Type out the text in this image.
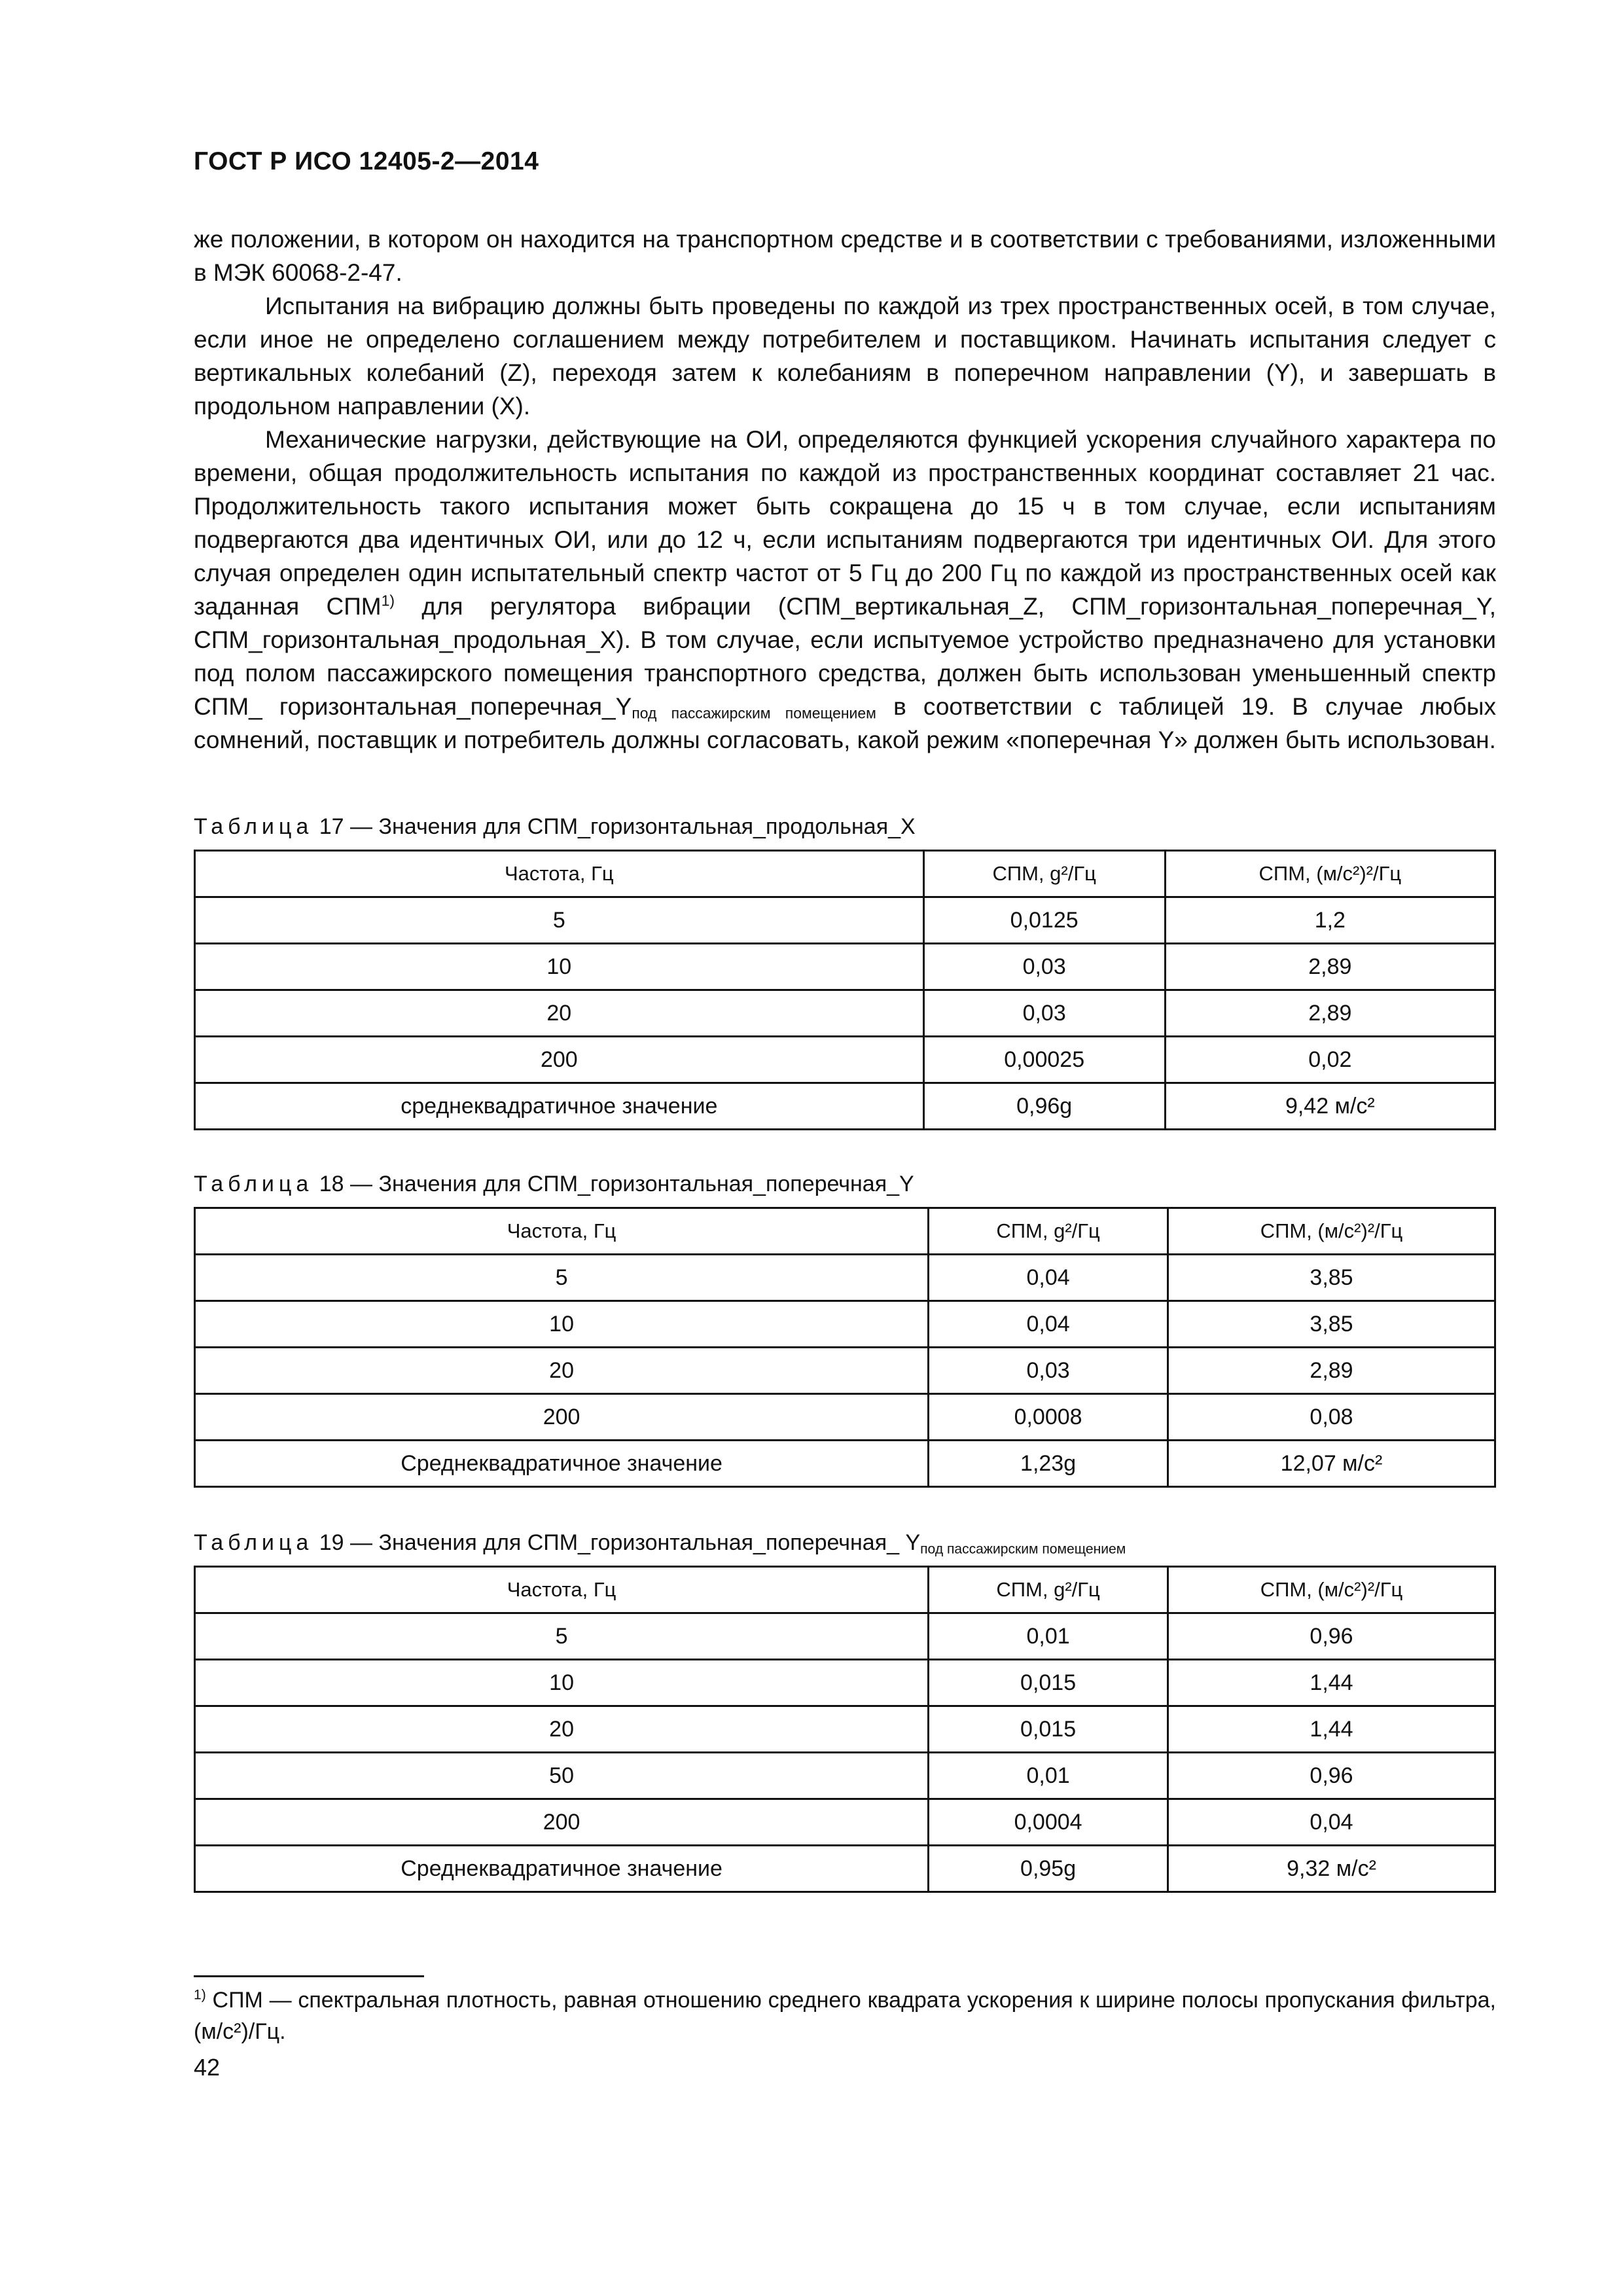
ГОСТ Р ИСО 12405-2—2014

же положении, в котором он находится на транспортном средстве и в соответствии с требованиями, изложенными в МЭК 60068-2-47.

Испытания на вибрацию должны быть проведены по каждой из трех пространственных осей, в том случае, если иное не определено соглашением между потребителем и поставщиком. Начинать испытания следует с вертикальных колебаний (Z), переходя затем к колебаниям в поперечном направлении (Y), и завершать в продольном направлении (X).

Механические нагрузки, действующие на ОИ, определяются функцией ускорения случайного характера по времени, общая продолжительность испытания по каждой из пространственных координат составляет 21 час. Продолжительность такого испытания может быть сокращена до 15 ч в том случае, если испытаниям подвергаются два идентичных ОИ, или до 12 ч, если испытаниям подвергаются три идентичных ОИ. Для этого случая определен один испытательный спектр частот от 5 Гц до 200 Гц по каждой из пространственных осей как заданная СПМ$^{1)}$ для регулятора вибрации (СПМ_вертикальная_Z, СПМ_горизонтальная_поперечная_Y, СПМ_горизонтальная_продольная_X). В том случае, если испытуемое устройство предназначено для установки под полом пассажирского помещения транспортного средства, должен быть использован уменьшенный спектр СПМ_ $горизонтальная\_поперечная\_Y_{под пассажирским помещением}$ в соответствии с таблицей 19. В случае любых сомнений, поставщик и потребитель должны согласовать, какой режим «поперечная Y» должен быть использован.

Таблица 17 — Значения для СПМ_горизонтальная_продольная_X
Частота, Гц	СПМ, g²/Гц	СПМ, (м/с²)²/Гц
5	0,0125	1,2
10	0,03	2,89
20	0,03	2,89
200	0,00025	0,02
среднеквадратичное значение	0,96g	9,42 м/с²
Таблица 18 — Значения для СПМ_горизонтальная_поперечная_Y
Частота, Гц	СПМ, g²/Гц	СПМ, (м/с²)²/Гц
5	0,04	3,85
10	0,04	3,85
20	0,03	2,89
200	0,0008	0,08
Среднеквадратичное значение	1,23g	12,07 м/с²
Таблица 19 — Значения для СПМ_горизонтальная_поперечная_ $Y_{под пассажирским помещением}$
Частота, Гц	СПМ, g²/Гц	СПМ, (м/с²)²/Гц
5	0,01	0,96
10	0,015	1,44
20	0,015	1,44
50	0,01	0,96
200	0,0004	0,04
Среднеквадратичное значение	0,95g	9,32 м/с²
$^{1)}$ СПМ — спектральная плотность, равная отношению среднего квадрата ускорения к ширине полосы пропускания фильтра, (м/с²)/Гц.
42
